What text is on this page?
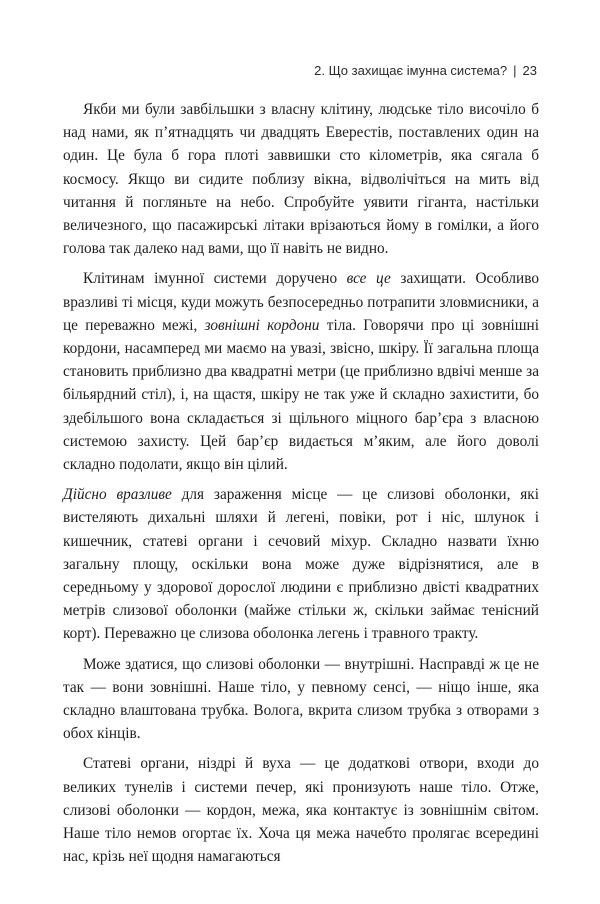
2. Що захищає імунна система? | 23

Якби ми були завбільшки з власну клітину, людське тіло височіло б над нами, як п’ятнадцять чи двадцять Еверестів, поставлених один на один. Це була б гора плоті заввишки сто кілометрів, яка сягала б космосу. Якщо ви сидите поблизу вікна, відволічіться на мить від читання й погляньте на небо. Спробуйте уявити гіганта, настільки величезного, що пасажирські літаки врізаються йому в гомілки, а його голова так далеко над вами, що її навіть не видно.

Клітинам імунної системи доручено все це захищати. Особливо вразливі ті місця, куди можуть безпосередньо потрапити зловмисники, а це переважно межі, зовнішні кордони тіла. Говорячи про ці зовнішні кордони, насамперед ми маємо на увазі, звісно, шкіру. Її загальна площа становить приблизно два квадратні метри (це приблизно вдвічі менше за більярдний стіл), і, на щастя, шкіру не так уже й складно захистити, бо здебільшого вона складається зі щільного міцного бар’єра з власною системою захисту. Цей бар’єр видається м’яким, але його доволі складно подолати, якщо він цілий.

Дійсно вразливе для зараження місце — це слизові оболонки, які вистеляють дихальні шляхи й легені, повіки, рот і ніс, шлунок і кишечник, статеві органи і сечовий міхур. Складно назвати їхню загальну площу, оскільки вона може дуже відрізнятися, але в середньому у здорової дорослої людини є приблизно двісті квадратних метрів слизової оболонки (майже стільки ж, скільки займає тенісний корт). Переважно це слизова оболонка легень і травного тракту.

Може здатися, що слизові оболонки — внутрішні. Насправді ж це не так — вони зовнішні. Наше тіло, у певному сенсі, — ніщо інше, яка складно влаштована трубка. Волога, вкрита слизом трубка з отворами з обох кінців.

Статеві органи, ніздрі й вуха — це додаткові отвори, входи до великих тунелів і системи печер, які пронизують наше тіло. Отже, слизові оболонки — кордон, межа, яка контактує із зовнішнім світом. Наше тіло немов огортає їх. Хоча ця межа начебто пролягає всередині нас, крізь неї щодня намагаються
